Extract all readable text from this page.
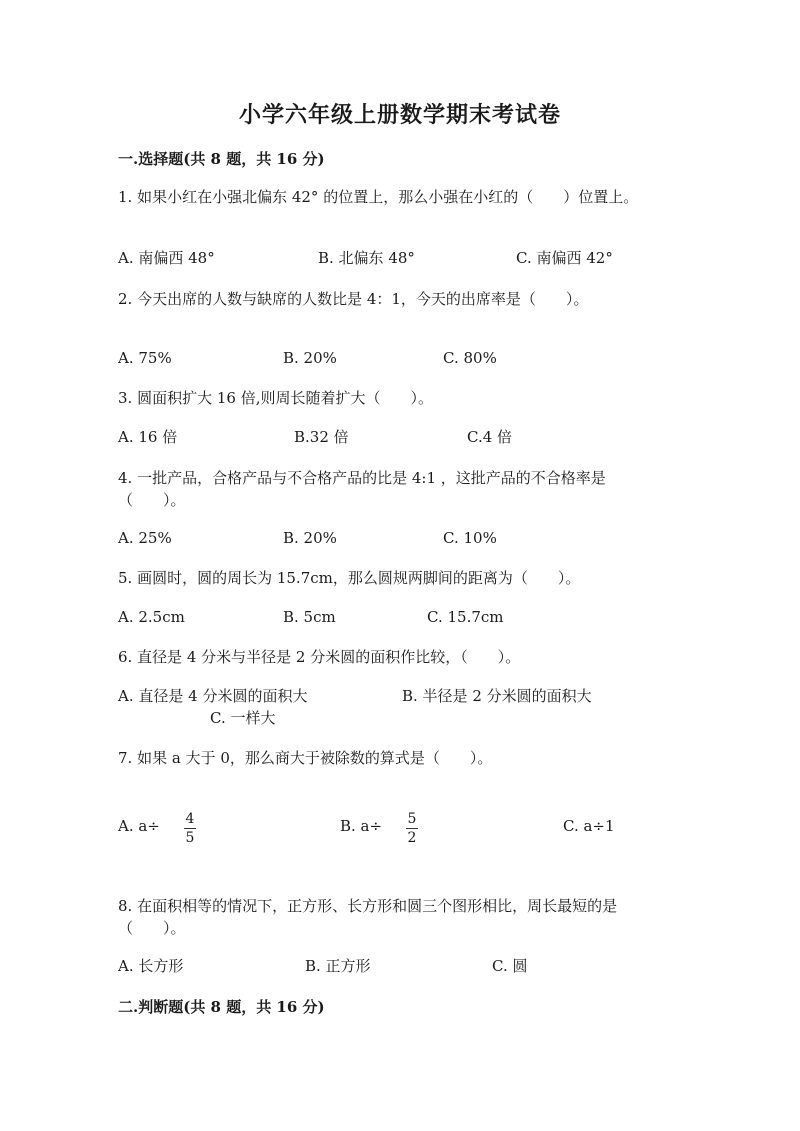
小学六年级上册数学期末考试卷
一.选择题(共 8 题，共 16 分)
1. 如果小红在小强北偏东 42° 的位置上，那么小强在小红的（　　）位置上。
A. 南偏西 48°	B. 北偏东 48°	C. 南偏西 42°
2. 今天出席的人数与缺席的人数比是 4：1，今天的出席率是（　　）。
A. 75%	B. 20%	C. 80%
3. 圆面积扩大 16 倍,则周长随着扩大（　　）。
A. 16 倍	B.32 倍	C.4 倍
4. 一批产品，合格产品与不合格产品的比是 4:1 ，这批产品的不合格率是（　　）。
A. 25%	B. 20%	C. 10%
5. 画圆时，圆的周长为 15.7cm，那么圆规两脚间的距离为（　　）。
A. 2.5cm	B. 5cm	C. 15.7cm
6. 直径是 4 分米与半径是 2 分米圆的面积作比较，（　　）。
A. 直径是 4 分米圆的面积大	B. 半径是 2 分米圆的面积大
C. 一样大
7. 如果 a 大于 0，那么商大于被除数的算式是（　　）。
A. a÷ 4
5
B. a÷ 5
2
C. a÷1
8. 在面积相等的情况下，正方形、长方形和圆三个图形相比，周长最短的是（　　）。
A. 长方形	B. 正方形	C. 圆
二.判断题(共 8 题，共 16 分)
